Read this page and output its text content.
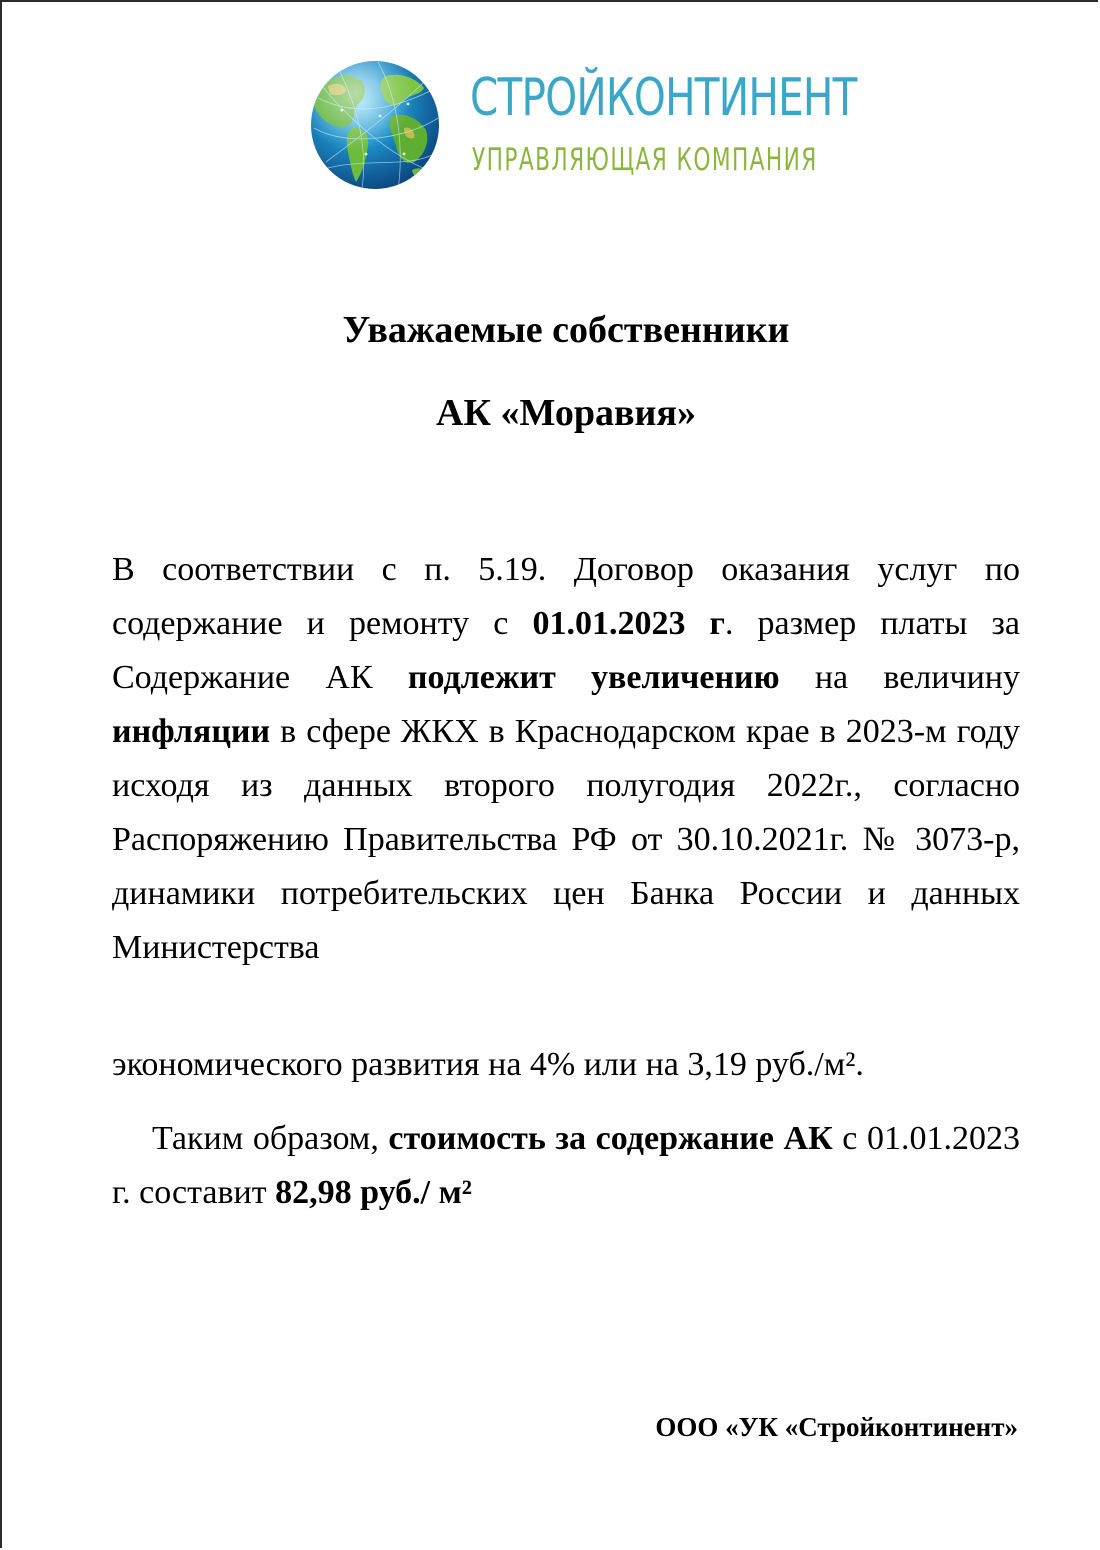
СТРОЙКОНТИНЕНТ
УПРАВЛЯЮЩАЯ КОМПАНИЯ
Уважаемые собственники
АК «Моравия»
В соответствии с п. 5.19. Договор оказания услуг по содержание и ремонту с 01.01.2023 г. размер платы за Содержание АК подлежит увеличению на величину инфляции в сфере ЖКХ в Краснодарском крае в 2023-м году исходя из данных второго полугодия 2022г., согласно Распоряжению Правительства РФ от 30.10.2021г. № 3073-р, динамики потребительских цен Банка России и данных Министерства
экономического развития на 4% или на 3,19 руб./м².
Таким образом, стоимость за содержание АК с 01.01.2023 г. составит 82,98 руб./ м²
ООО «УК «Стройконтинент»
